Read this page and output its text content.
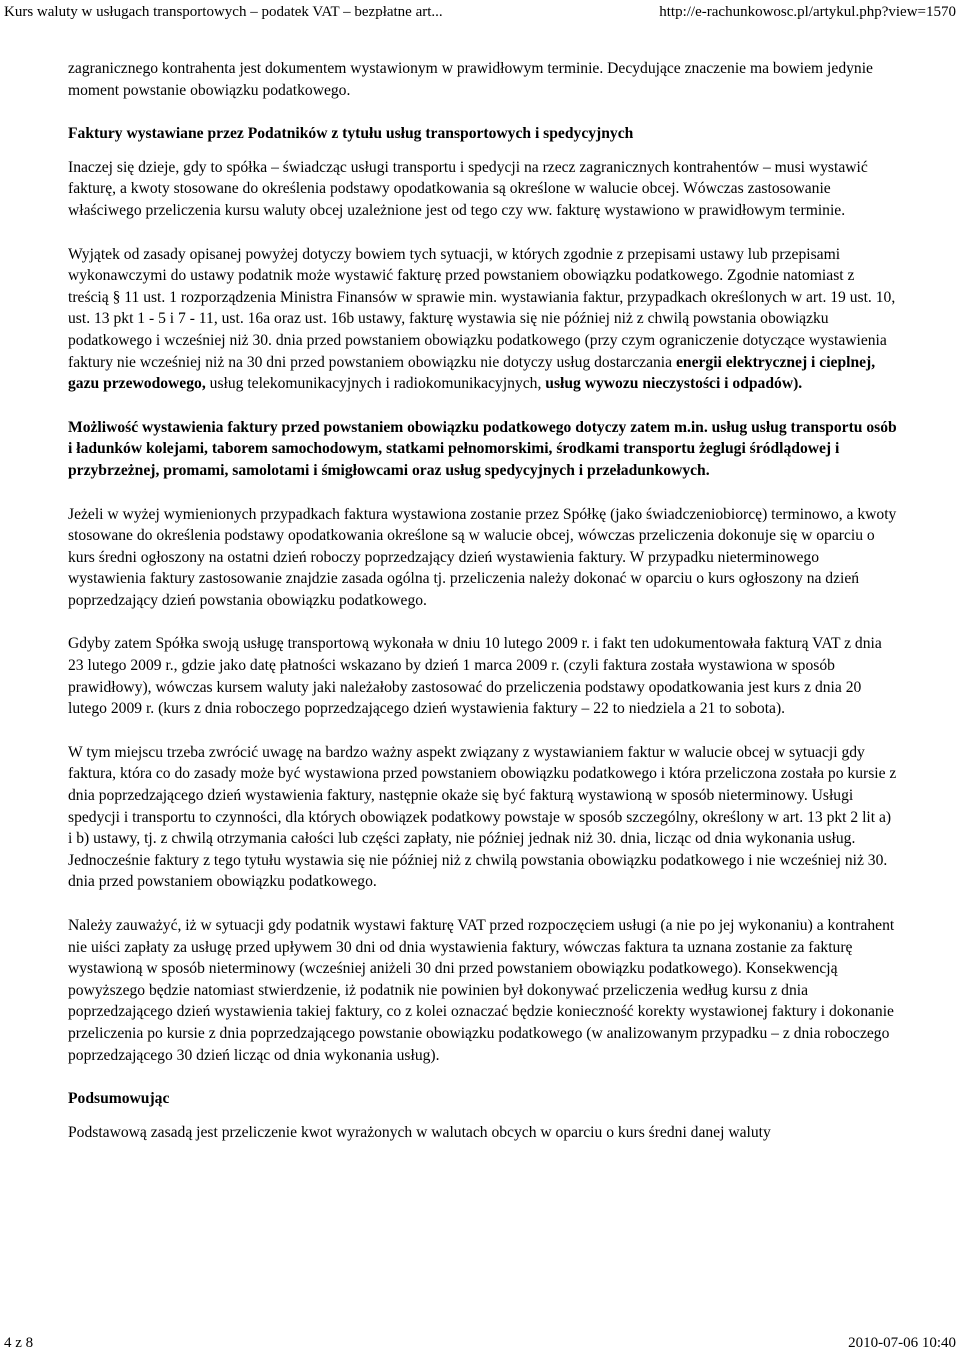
Kurs waluty w usługach transportowych – podatek VAT – bezpłatne art...	http://e-rachunkowosc.pl/artykul.php?view=1570

zagranicznego kontrahenta jest dokumentem wystawionym w prawidłowym terminie. Decydujące znaczenie ma bowiem jedynie moment powstanie obowiązku podatkowego.

Faktury wystawiane przez Podatników z tytułu usług transportowych i spedycyjnych

Inaczej się dzieje, gdy to spółka – świadcząc usługi transportu i spedycji na rzecz zagranicznych kontrahentów – musi wystawić fakturę, a kwoty stosowane do określenia podstawy opodatkowania są określone w walucie obcej. Wówczas zastosowanie właściwego przeliczenia kursu waluty obcej uzależnione jest od tego czy ww. fakturę wystawiono w prawidłowym terminie.

Wyjątek od zasady opisanej powyżej dotyczy bowiem tych sytuacji, w których zgodnie z przepisami ustawy lub przepisami wykonawczymi do ustawy podatnik może wystawić fakturę przed powstaniem obowiązku podatkowego. Zgodnie natomiast z treścią § 11 ust. 1 rozporządzenia Ministra Finansów w sprawie min. wystawiania faktur, przypadkach określonych w art. 19 ust. 10, ust. 13 pkt 1 - 5 i 7 - 11, ust. 16a oraz ust. 16b ustawy, fakturę wystawia się nie później niż z chwilą powstania obowiązku podatkowego i wcześniej niż 30. dnia przed powstaniem obowiązku podatkowego (przy czym ograniczenie dotyczące wystawienia faktury nie wcześniej niż na 30 dni przed powstaniem obowiązku nie dotyczy usług dostarczania energii elektrycznej i cieplnej, gazu przewodowego, usług telekomunikacyjnych i radiokomunikacyjnych, usług wywozu nieczystości i odpadów).

Możliwość wystawienia faktury przed powstaniem obowiązku podatkowego dotyczy zatem m.in. usług usług transportu osób i ładunków kolejami, taborem samochodowym, statkami pełnomorskimi, środkami transportu żeglugi śródlądowej i przybrzeżnej, promami, samolotami i śmigłowcami oraz usług spedycyjnych i przeładunkowych.

Jeżeli w wyżej wymienionych przypadkach faktura wystawiona zostanie przez Spółkę (jako świadczeniobiorcę) terminowo, a kwoty stosowane do określenia podstawy opodatkowania określone są w walucie obcej, wówczas przeliczenia dokonuje się w oparciu o kurs średni ogłoszony na ostatni dzień roboczy poprzedzający dzień wystawienia faktury. W przypadku nieterminowego wystawienia faktury zastosowanie znajdzie zasada ogólna tj. przeliczenia należy dokonać w oparciu o kurs ogłoszony na dzień poprzedzający dzień powstania obowiązku podatkowego.

Gdyby zatem Spółka swoją usługę transportową wykonała w dniu 10 lutego 2009 r. i fakt ten udokumentowała fakturą VAT z dnia 23 lutego 2009 r., gdzie jako datę płatności wskazano by dzień 1 marca 2009 r. (czyli faktura została wystawiona w sposób prawidłowy), wówczas kursem waluty jaki należałoby zastosować do przeliczenia podstawy opodatkowania jest kurs z dnia 20 lutego 2009 r. (kurs z dnia roboczego poprzedzającego dzień wystawienia faktury – 22 to niedziela a 21 to sobota).

W tym miejscu trzeba zwrócić uwagę na bardzo ważny aspekt związany z wystawianiem faktur w walucie obcej w sytuacji gdy faktura, która co do zasady może być wystawiona przed powstaniem obowiązku podatkowego i która przeliczona została po kursie z dnia poprzedzającego dzień wystawienia faktury, następnie okaże się być fakturą wystawioną w sposób nieterminowy. Usługi spedycji i transportu to czynności, dla których obowiązek podatkowy powstaje w sposób szczególny, określony w art. 13 pkt 2 lit a) i b) ustawy, tj. z chwilą otrzymania całości lub części zapłaty, nie później jednak niż 30. dnia, licząc od dnia wykonania usług. Jednocześnie faktury z tego tytułu wystawia się nie później niż z chwilą powstania obowiązku podatkowego i nie wcześniej niż 30. dnia przed powstaniem obowiązku podatkowego.

Należy zauważyć, iż w sytuacji gdy podatnik wystawi fakturę VAT przed rozpoczęciem usługi (a nie po jej wykonaniu) a kontrahent nie uiści zapłaty za usługę przed upływem 30 dni od dnia wystawienia faktury, wówczas faktura ta uznana zostanie za fakturę wystawioną w sposób nieterminowy (wcześniej aniżeli 30 dni przed powstaniem obowiązku podatkowego). Konsekwencją powyższego będzie natomiast stwierdzenie, iż podatnik nie powinien był dokonywać przeliczenia według kursu z dnia poprzedzającego dzień wystawienia takiej faktury, co z kolei oznaczać będzie konieczność korekty wystawionej faktury i dokonanie przeliczenia po kursie z dnia poprzedzającego powstanie obowiązku podatkowego (w analizowanym przypadku – z dnia roboczego poprzedzającego 30 dzień licząc od dnia wykonania usług).

Podsumowując

Podstawową zasadą jest przeliczenie kwot wyrażonych w walutach obcych w oparciu o kurs średni danej waluty

4 z 8	2010-07-06 10:40
